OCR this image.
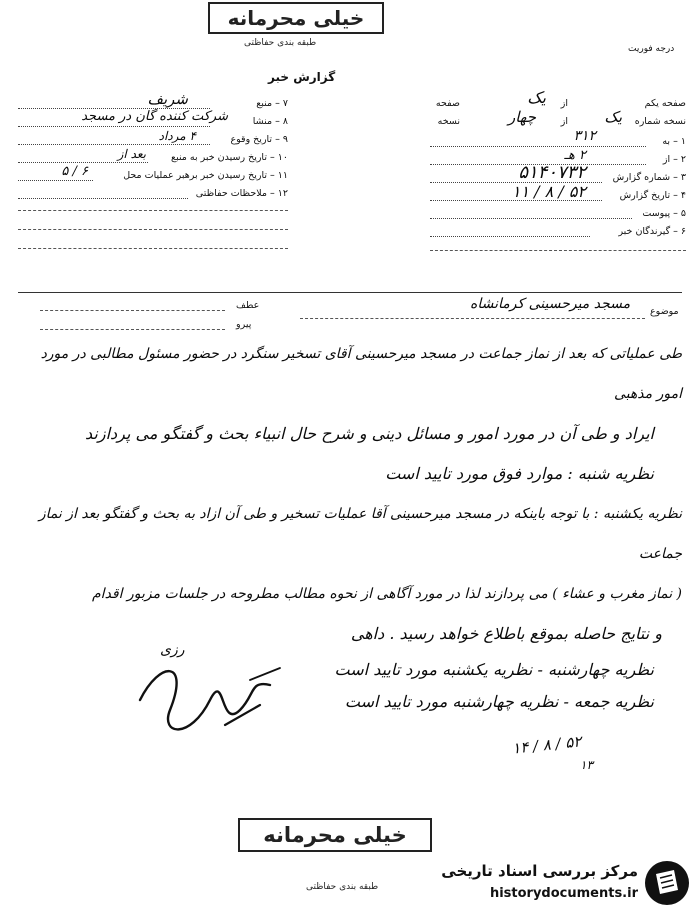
خیلی محرمانه
طبقه بندی حفاظتی
درجه فوریت
گزارش خبر
۷ – منبع
شریف
۸ – منشا
شرکت کننده گان در مسجد
۹ – تاریخ وقوع
۴ مرداد
۱۰ – تاریخ رسیدن خبر به منبع
بعد از
۱۱ – تاریخ رسیدن خبر برهبر عملیات محل
۶ / ۵
۱۲ – ملاحظات حفاظتی
صفحه یکم
از
یک
صفحه
نسخه شماره
یک
از
چهار
نسخه
۱ – به
۳۱۲
۲ – از
۲ هـ
۳ – شماره گزارش
۵۱۴۰۷۳۲
۴ – تاریخ گزارش
۵۲ / ۸ / ۱۱
۵ – پیوست
۶ – گیرندگان خبر
عطف
پیرو
موضوع
مسجد میرحسینی کرمانشاه
طی عملیاتی که بعد از نماز جماعت در مسجد میرحسینی آقای تسخیر سنگرد در حضور مسئول مطالبی در مورد امور مذهبی
ایراد و طی آن در مورد امور و مسائل دینی و شرح حال انبیاء بحث و گفتگو می پردازند
نظریه شنبه : موارد فوق مورد تایید است
نظریه یکشنبه : با توجه باینکه در مسجد میرحسینی آقا عملیات تسخیر و طی آن ازاد به بحث و گفتگو بعد از نماز جماعت
( نماز مغرب و عشاء ) می پردازند لذا در مورد آگاهی از نحوه مطالب مطروحه در جلسات مزبور اقدام
و نتایج حاصله بموقع باطلاع خواهد رسید . داهی
نظریه چهارشنبه - نظریه یکشنبه مورد تایید است
نظریه جمعه - نظریه چهارشنبه مورد تایید است
رزی
۱۴ / ۸ / ۵۲
۱۳
خیلی محرمانه
طبقه بندی حفاظتی
مرکز بررسی اسناد تاریخی
historydocuments.ir
